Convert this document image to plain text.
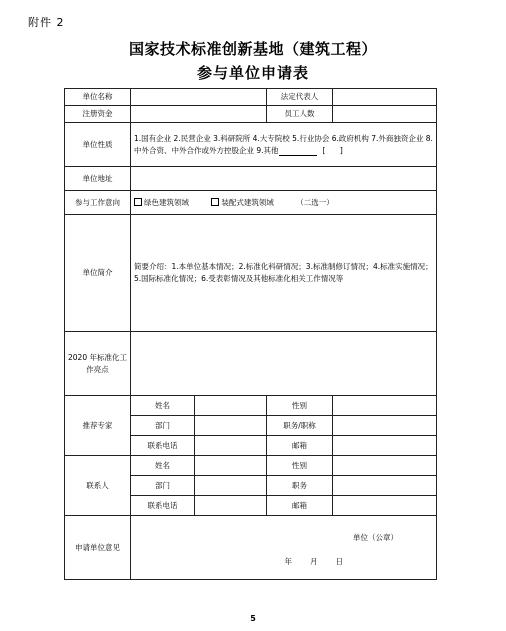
附件 2
国家技术标准创新基地（建筑工程）
参与单位申请表
单位名称			法定代表人	
注册资金			员工人数	
单位性质	1.国有企业 2.民营企业 3.科研院所 4.大专院校 5.行业协会 6.政府机构 7.外商独资企业 8.中外合资、中外合作或外方控股企业 9.其他 [ ]			
单位地址				
参与工作意向	绿色建筑领域 装配式建筑领域 （二选一）			
单位简介	简要介绍：1.本单位基本情况；2.标准化科研情况；3.标准制修订情况；4.标准实施情况；5.国际标准化情况；6.受表彰情况及其他标准化相关工作情况等			
2020 年标准化工作亮点				
推荐专家	姓名		性别	
	部门		职务/职称	
	联系电话		邮箱	
联系人	姓名		性别	
	部门		职务	
	联系电话		邮箱	
申请单位意见	单位（公章）
年 月 日			
5
